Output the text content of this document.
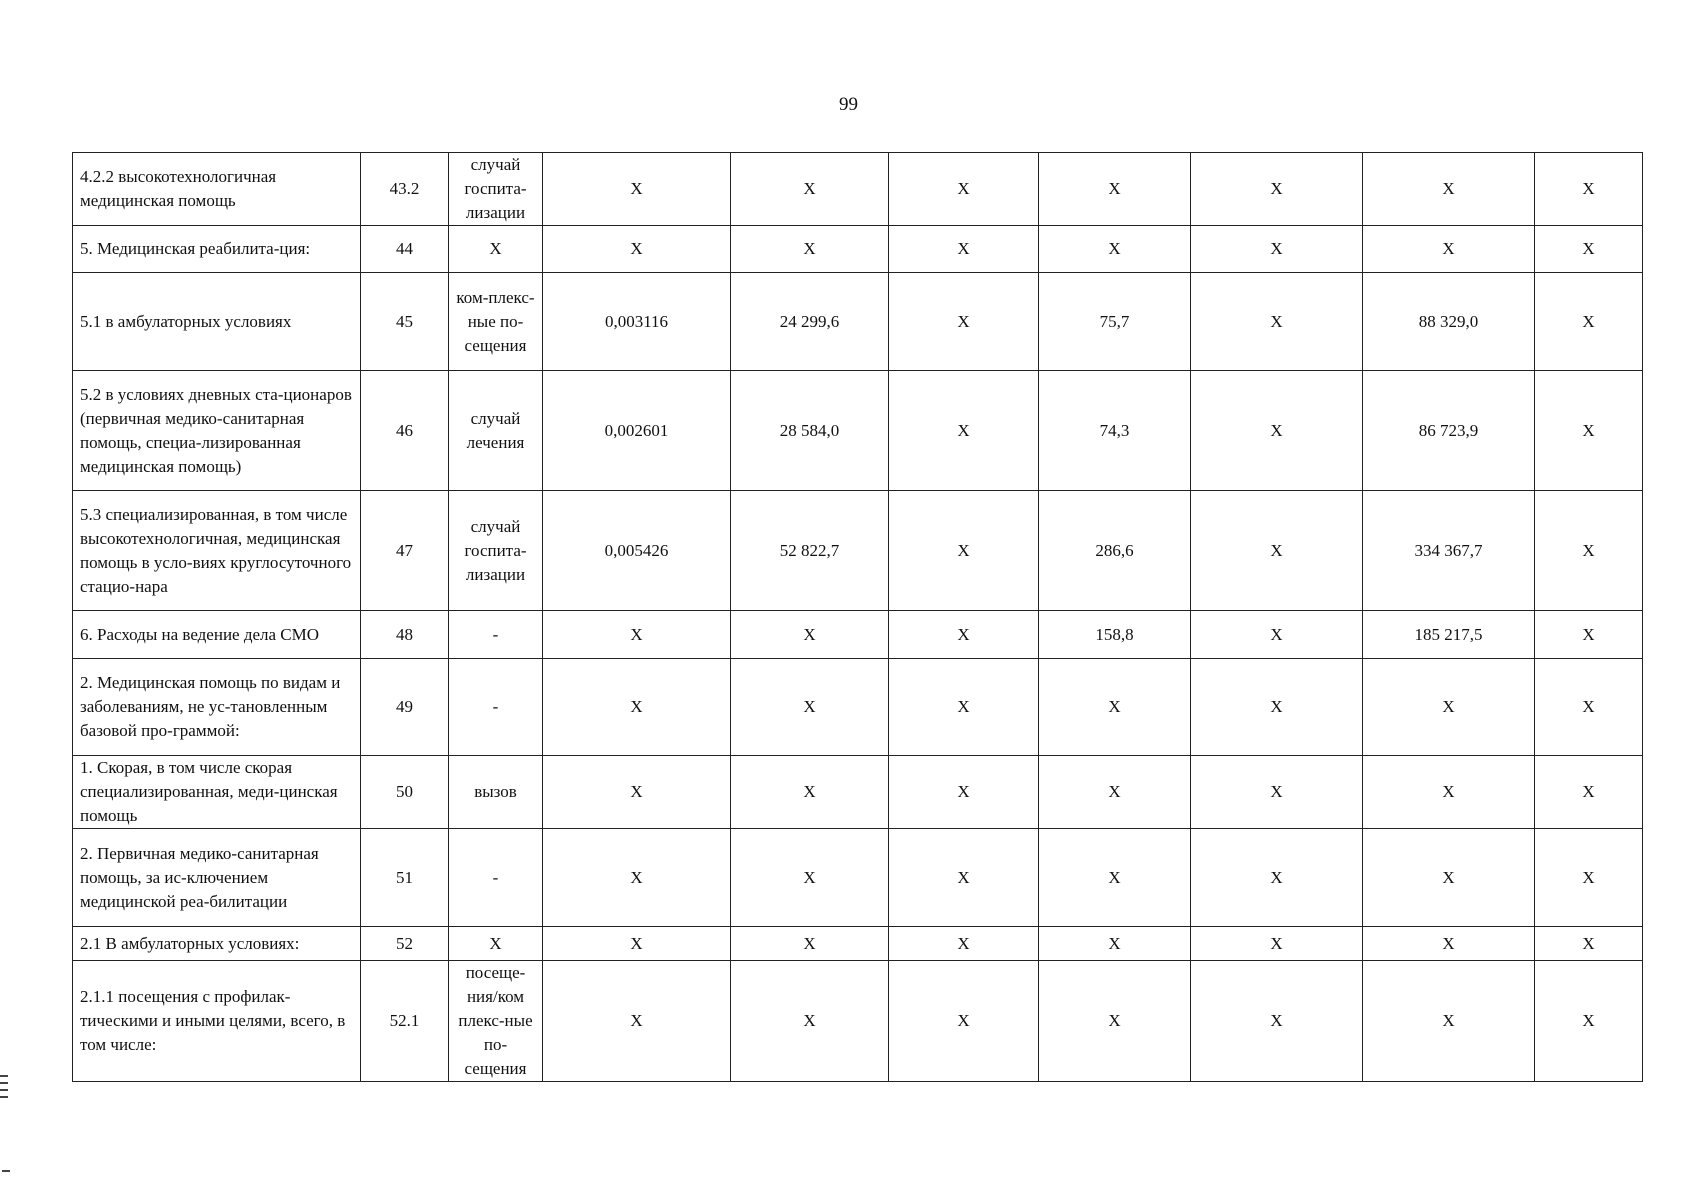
99
4.2.2 высокотехнологичная медицинская помощь	43.2	случай госпита-лизации	Х	Х	Х	Х	Х	Х	Х
5. Медицинская реабилита-ция:	44	Х	Х	Х	Х	Х	Х	Х	Х
5.1 в амбулаторных условиях	45	ком-плекс-ные по-сещения	0,003116	24 299,6	Х	75,7	Х	88 329,0	Х
5.2 в условиях дневных ста-ционаров (первичная медико-санитарная помощь, специа-лизированная медицинская помощь)	46	случай лечения	0,002601	28 584,0	Х	74,3	Х	86 723,9	Х
5.3 специализированная, в том числе высокотехнологичная, медицинская помощь в усло-виях круглосуточного стацио-нара	47	случай госпита-лизации	0,005426	52 822,7	Х	286,6	Х	334 367,7	Х
6. Расходы на ведение дела СМО	48	-	Х	Х	Х	158,8	Х	185 217,5	Х
2. Медицинская помощь по видам и заболеваниям, не ус-тановленным базовой про-граммой:	49	-	Х	Х	Х	Х	Х	Х	Х
1. Скорая, в том числе скорая специализированная, меди-цинская помощь	50	вызов	Х	Х	Х	Х	Х	Х	Х
2. Первичная медико-санитарная помощь, за ис-ключением медицинской реа-билитации	51	-	Х	Х	Х	Х	Х	Х	Х
2.1 В амбулаторных условиях:	52	Х	Х	Х	Х	Х	Х	Х	Х
2.1.1 посещения с профилак-тическими и иными целями, всего, в том числе:	52.1	посеще-ния/ком плекс-ные по-сещения	Х	Х	Х	Х	Х	Х	Х
